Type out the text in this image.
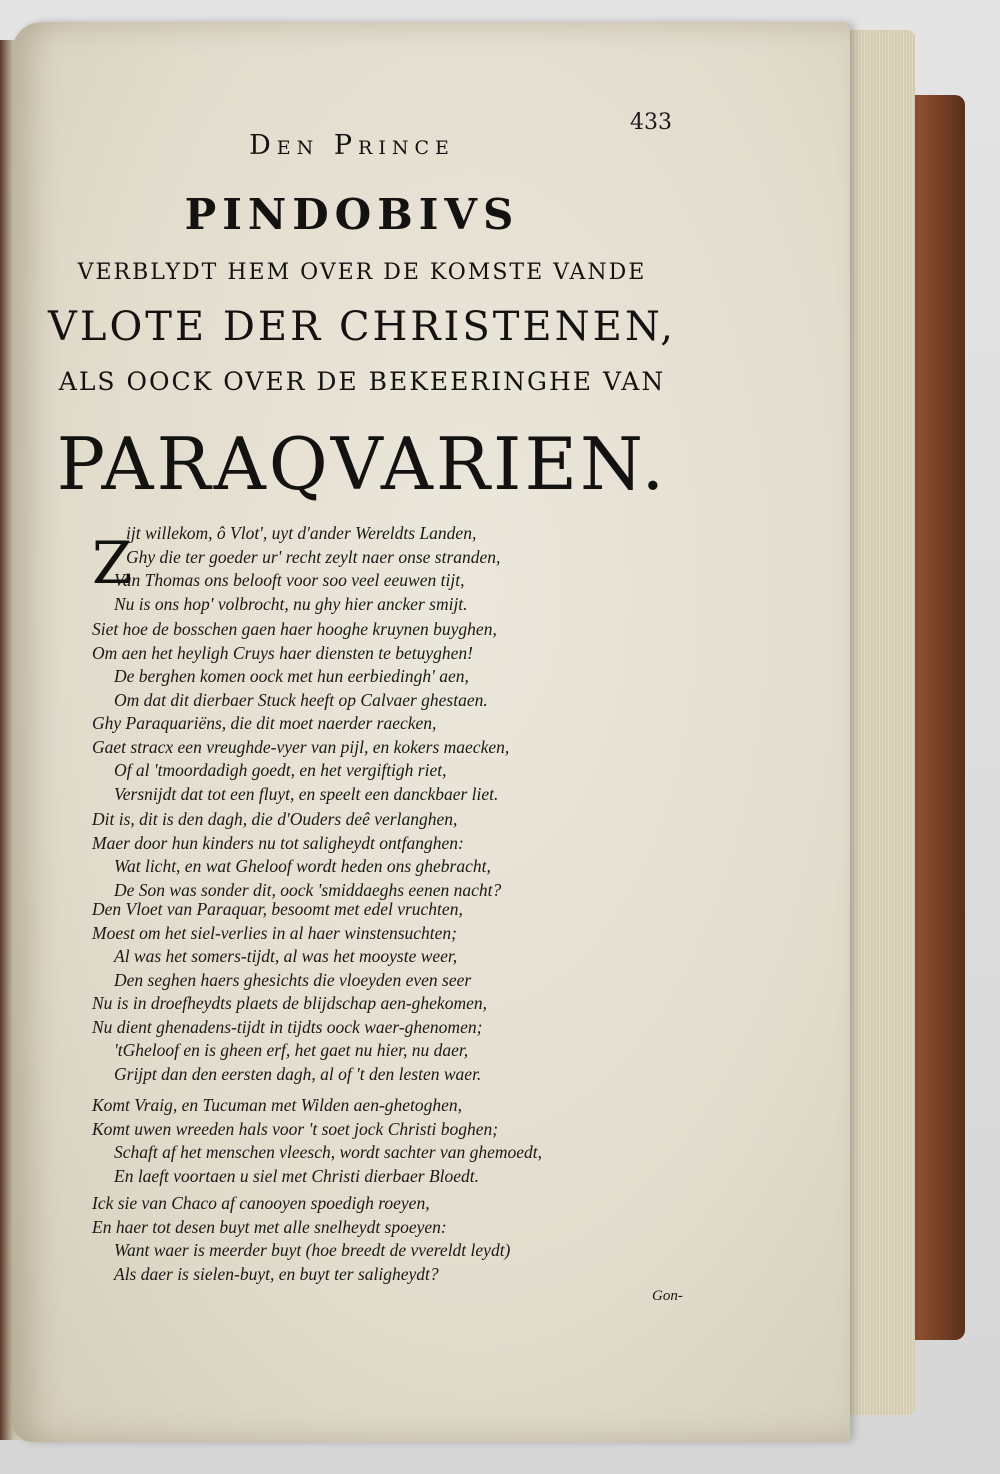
433
Den Prince
PINDOBIVS
VERBLYDT HEM OVER DE KOMSTE VANDE
VLOTE DER CHRISTENEN,
ALS OOCK OVER DE BEKEERINGHE VAN
PARAQVARIEN.
Z
ijt willekom, ô Vlot', uyt d'ander Wereldts Landen,
Ghy die ter goeder ur' recht zeylt naer onse stranden,
Van Thomas ons belooft voor soo veel eeuwen tijt,
Nu is ons hop' volbrocht, nu ghy hier ancker smijt.
Siet hoe de bosschen gaen haer hooghe kruynen buyghen,
Om aen het heyligh Cruys haer diensten te betuyghen!
De berghen komen oock met hun eerbiedingh' aen,
Om dat dit dierbaer Stuck heeft op Calvaer ghestaen.
Ghy Paraquariëns, die dit moet naerder raecken,
Gaet stracx een vreughde-vyer van pijl, en kokers maecken,
Of al 'tmoordadigh goedt, en het vergiftigh riet,
Versnijdt dat tot een fluyt, en speelt een danckbaer liet.
Dit is, dit is den dagh, die d'Ouders deê verlanghen,
Maer door hun kinders nu tot saligheydt ontfanghen:
Wat licht, en wat Gheloof wordt heden ons ghebracht,
De Son was sonder dit, oock 'smiddaeghs eenen nacht?
Den Vloet van Paraquar, besoomt met edel vruchten,
Moest om het siel-verlies in al haer winstensuchten;
Al was het somers-tijdt, al was het mooyste weer,
Den seghen haers ghesichts die vloeyden even seer
Nu is in droefheydts plaets de blijdschap aen-ghekomen,
Nu dient ghenadens-tijdt in tijdts oock waer-ghenomen;
'tGheloof en is gheen erf, het gaet nu hier, nu daer,
Grijpt dan den eersten dagh, al of 't den lesten waer.
Komt Vraig, en Tucuman met Wilden aen-ghetoghen,
Komt uwen wreeden hals voor 't soet jock Christi boghen;
Schaft af het menschen vleesch, wordt sachter van ghemoedt,
En laeft voortaen u siel met Christi dierbaer Bloedt.
Ick sie van Chaco af canooyen spoedigh roeyen,
En haer tot desen buyt met alle snelheydt spoeyen:
Want waer is meerder buyt (hoe breedt de vvereldt leydt)
Als daer is sielen-buyt, en buyt ter saligheydt?
Gon-
